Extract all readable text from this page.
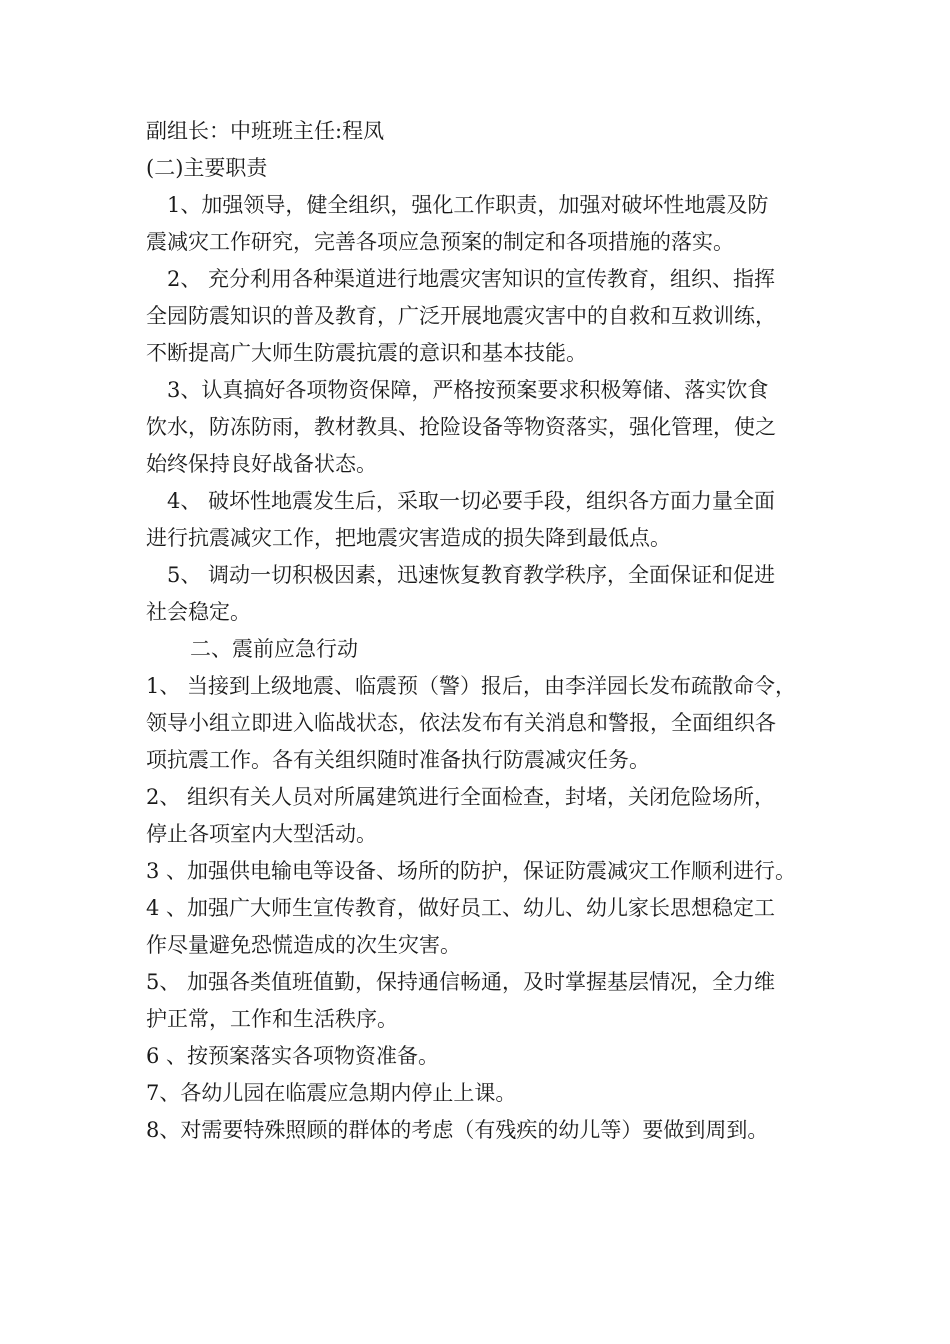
副组长：中班班主任:程凤
(二)主要职责
1、加强领导，健全组织，强化工作职责，加强对破坏性地震及防
震减灾工作研究，完善各项应急预案的制定和各项措施的落实。
2、 充分利用各种渠道进行地震灾害知识的宣传教育，组织、指挥
全园防震知识的普及教育，广泛开展地震灾害中的自救和互救训练，
不断提高广大师生防震抗震的意识和基本技能。
3、认真搞好各项物资保障，严格按预案要求积极筹储、落实饮食
饮水，防冻防雨，教材教具、抢险设备等物资落实，强化管理，使之
始终保持良好战备状态。
4、 破坏性地震发生后，采取一切必要手段，组织各方面力量全面
进行抗震减灾工作，把地震灾害造成的损失降到最低点。
5、 调动一切积极因素，迅速恢复教育教学秩序，全面保证和促进
社会稳定。
二、震前应急行动
1、 当接到上级地震、临震预（警）报后，由李洋园长发布疏散命令，
领导小组立即进入临战状态，依法发布有关消息和警报，全面组织各
项抗震工作。各有关组织随时准备执行防震减灾任务。
2、 组织有关人员对所属建筑进行全面检查，封堵，关闭危险场所，
停止各项室内大型活动。
3 、加强供电输电等设备、场所的防护，保证防震减灾工作顺利进行。
4 、加强广大师生宣传教育，做好员工、幼儿、幼儿家长思想稳定工
作尽量避免恐慌造成的次生灾害。
5、 加强各类值班值勤，保持通信畅通，及时掌握基层情况，全力维
护正常，工作和生活秩序。
6 、按预案落实各项物资准备。
7、各幼儿园在临震应急期内停止上课。
8、对需要特殊照顾的群体的考虑（有残疾的幼儿等）要做到周到。
